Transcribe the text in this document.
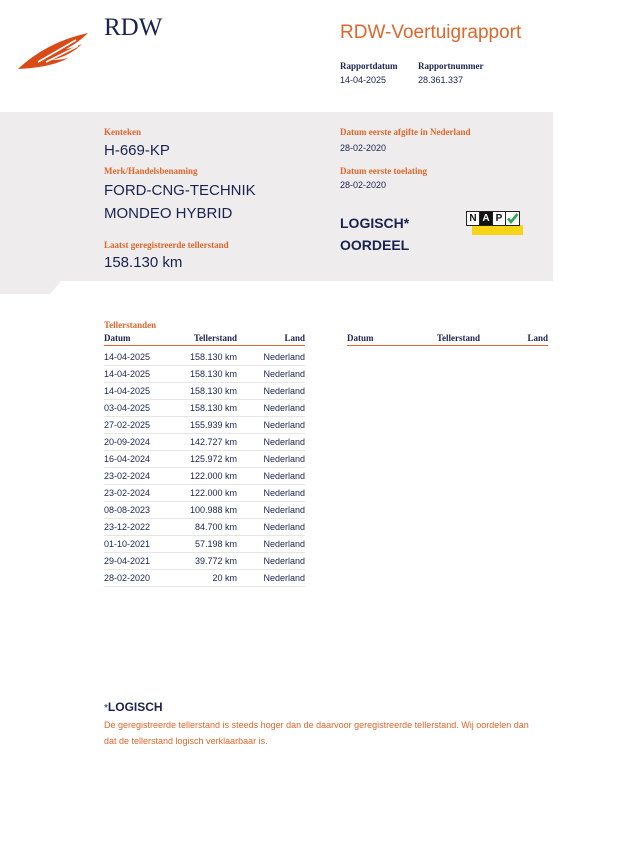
RDW	RDW-Voertuigrapport
Rapportdatum
14-04-2025
Rapportnummer
28.361.337
Kenteken
H-669-KP
Merk/Handelsbenaming
FORD-CNG-TECHNIK
MONDEO HYBRID
Laatst geregistreerde tellerstand
158.130 km
Datum eerste afgifte in Nederland
28-02-2020
Datum eerste toelating
28-02-2020
LOGISCH*
OORDEEL
N A P
Tellerstanden
Datum	Tellerstand	Land	Datum	Tellerstand	Land
14-04-2025	158.130 km	Nederland
14-04-2025	158.130 km	Nederland
14-04-2025	158.130 km	Nederland
03-04-2025	158.130 km	Nederland
27-02-2025	155.939 km	Nederland
20-09-2024	142.727 km	Nederland
16-04-2024	125.972 km	Nederland
23-02-2024	122.000 km	Nederland
23-02-2024	122.000 km	Nederland
08-08-2023	100.988 km	Nederland
23-12-2022	84.700 km	Nederland
01-10-2021	57.198 km	Nederland
29-04-2021	39.772 km	Nederland
28-02-2020	20 km	Nederland
*LOGISCH
De geregistreerde tellerstand is steeds hoger dan de daarvoor geregistreerde tellerstand. Wij oordelen dan
dat de tellerstand logisch verklaarbaar is.
